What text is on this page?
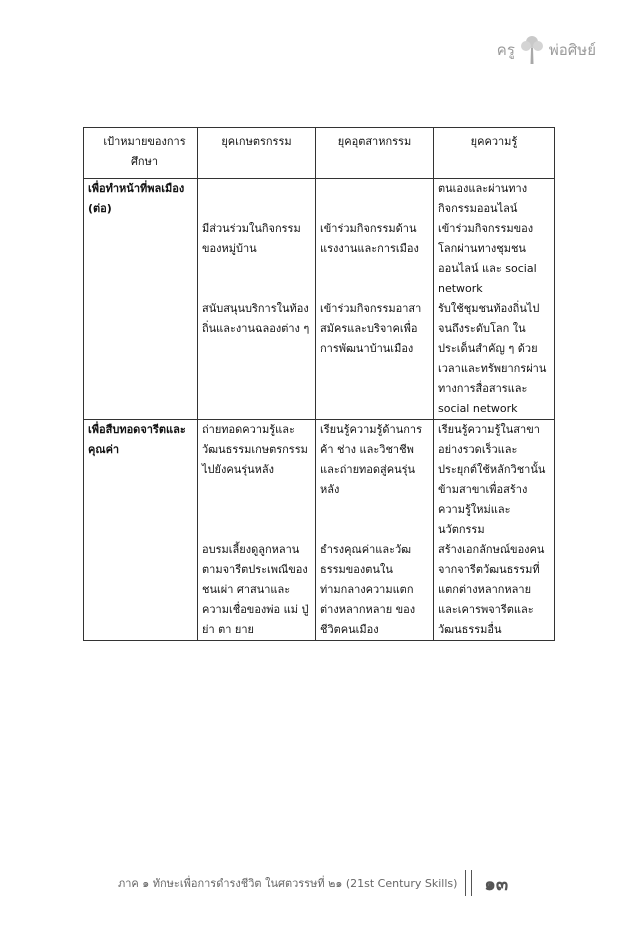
ครู พ่อศิษย์
เป้าหมายของการศึกษา	ยุคเกษตรกรรม	ยุคอุตสาหกรรม	ยุคความรู้
เพื่อทำหน้าที่พลเมือง (ต่อ)			ตนเองและผ่านทางกิจกรรมออนไลน์
	มีส่วนร่วมในกิจกรรมของหมู่บ้าน	เข้าร่วมกิจกรรมด้านแรงงานและการเมือง	เข้าร่วมกิจกรรมของโลกผ่านทางชุมชนออนไลน์ และ social network
	สนับสนุนบริการในท้องถิ่นและงานฉลองต่าง ๆ	เข้าร่วมกิจกรรมอาสาสมัครและบริจาคเพื่อการพัฒนาบ้านเมือง	รับใช้ชุมชนท้องถิ่นไปจนถึงระดับโลก ในประเด็นสำคัญ ๆ ด้วยเวลาและทรัพยากรผ่านทางการสื่อสารและ social network
เพื่อสืบทอดจารีตและคุณค่า	ถ่ายทอดความรู้และวัฒนธรรมเกษตรกรรมไปยังคนรุ่นหลัง	เรียนรู้ความรู้ด้านการค้า ช่าง และวิชาชีพ และถ่ายทอดสู่คนรุ่นหลัง	เรียนรู้ความรู้ในสาขาอย่างรวดเร็วและประยุกต์ใช้หลักวิชานั้นข้ามสาขาเพื่อสร้างความรู้ใหม่และนวัตกรรม
	อบรมเลี้ยงดูลูกหลานตามจารีตประเพณีของชนเผ่า ศาสนาและความเชื่อของพ่อ แม่ ปู่ ย่า ตา ยาย	ธำรงคุณค่าและวัฒธรรมของตนในท่ามกลางความแตกต่างหลากหลาย ของชีวิตคนเมือง	สร้างเอกลักษณ์ของคนจากจารีตวัฒนธรรมที่แตกต่างหลากหลาย และเคารพจารีตและวัฒนธรรมอื่น
ภาค ๑ ทักษะเพื่อการดำรงชีวิต ในศตวรรษที่ ๒๑ (21st Century Skills) ๑๓
